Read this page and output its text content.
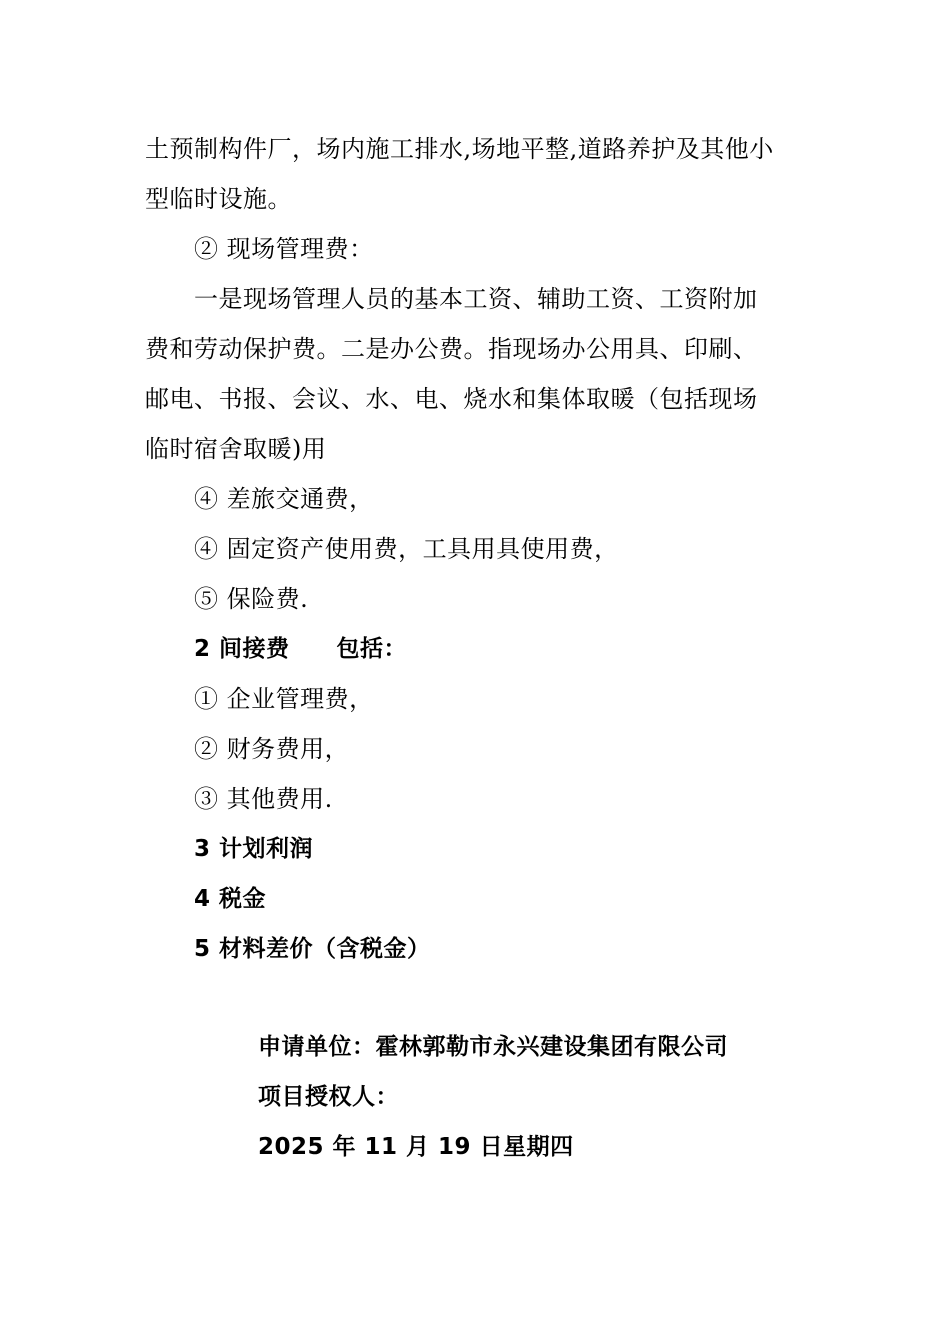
土预制构件厂，场内施工排水,场地平整,道路养护及其他小
型临时设施。
② 现场管理费：
一是现场管理人员的基本工资、辅助工资、工资附加
费和劳动保护费。二是办公费。指现场办公用具、印刷、
邮电、书报、会议、水、电、烧水和集体取暖（包括现场
临时宿舍取暖)用
④ 差旅交通费，
④ 固定资产使用费，工具用具使用费，
⑤ 保险费.
2 间接费　　包括：
① 企业管理费，
② 财务费用，
③ 其他费用.
3 计划利润
4 税金
5 材料差价（含税金）
申请单位：霍林郭勒市永兴建设集团有限公司
项目授权人：
2025 年 11 月 19 日星期四
